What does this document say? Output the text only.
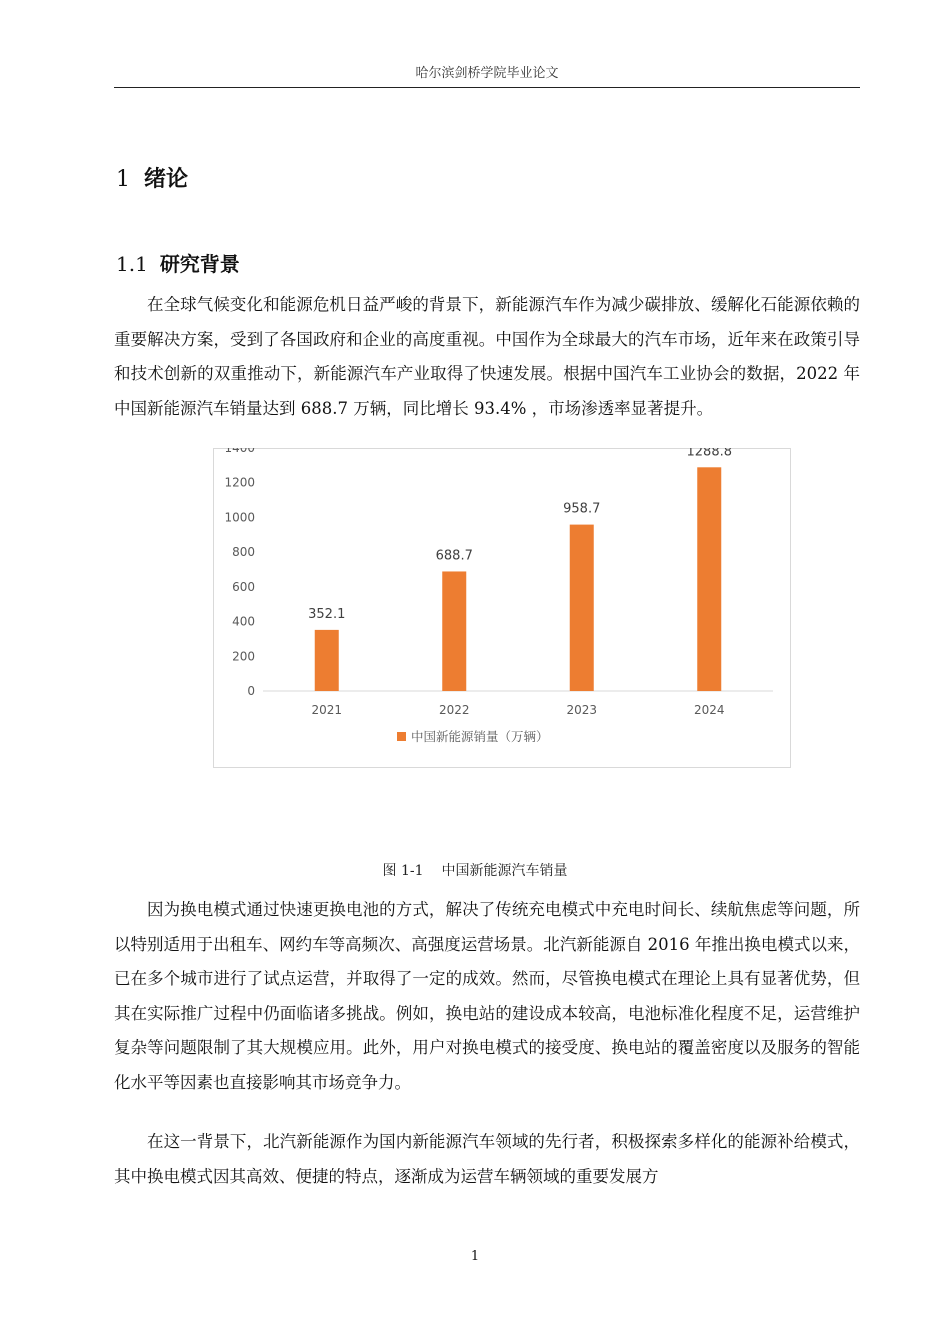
哈尔滨剑桥学院毕业论文
1 绪论
1.1 研究背景

在全球气候变化和能源危机日益严峻的背景下，新能源汽车作为减少碳排放、缓解化石能源依赖的重要解决方案，受到了各国政府和企业的高度重视。中国作为全球最大的汽车市场，近年来在政策引导和技术创新的双重推动下，新能源汽车产业取得了快速发展。根据中国汽车工业协会的数据，2022 年中国新能源汽车销量达到 688.7 万辆，同比增长 93.4% ，市场渗透率显著提升。

0
200
400
600
800
1000
1200
1400
352.1
2021
688.7
2022
958.7
2023
1288.8
2024
中国新能源销量（万辆）
图 1-1 中国新能源汽车销量

因为换电模式通过快速更换电池的方式，解决了传统充电模式中充电时间长、续航焦虑等问题，所以特别适用于出租车、网约车等高频次、高强度运营场景。北汽新能源自 2016 年推出换电模式以来，已在多个城市进行了试点运营，并取得了一定的成效。然而，尽管换电模式在理论上具有显著优势，但其在实际推广过程中仍面临诸多挑战。例如，换电站的建设成本较高，电池标准化程度不足，运营维护复杂等问题限制了其大规模应用。此外，用户对换电模式的接受度、换电站的覆盖密度以及服务的智能化水平等因素也直接影响其市场竞争力。

在这一背景下，北汽新能源作为国内新能源汽车领域的先行者，积极探索多样化的能源补给模式，其中换电模式因其高效、便捷的特点，逐渐成为运营车辆领域的重要发展方

1
